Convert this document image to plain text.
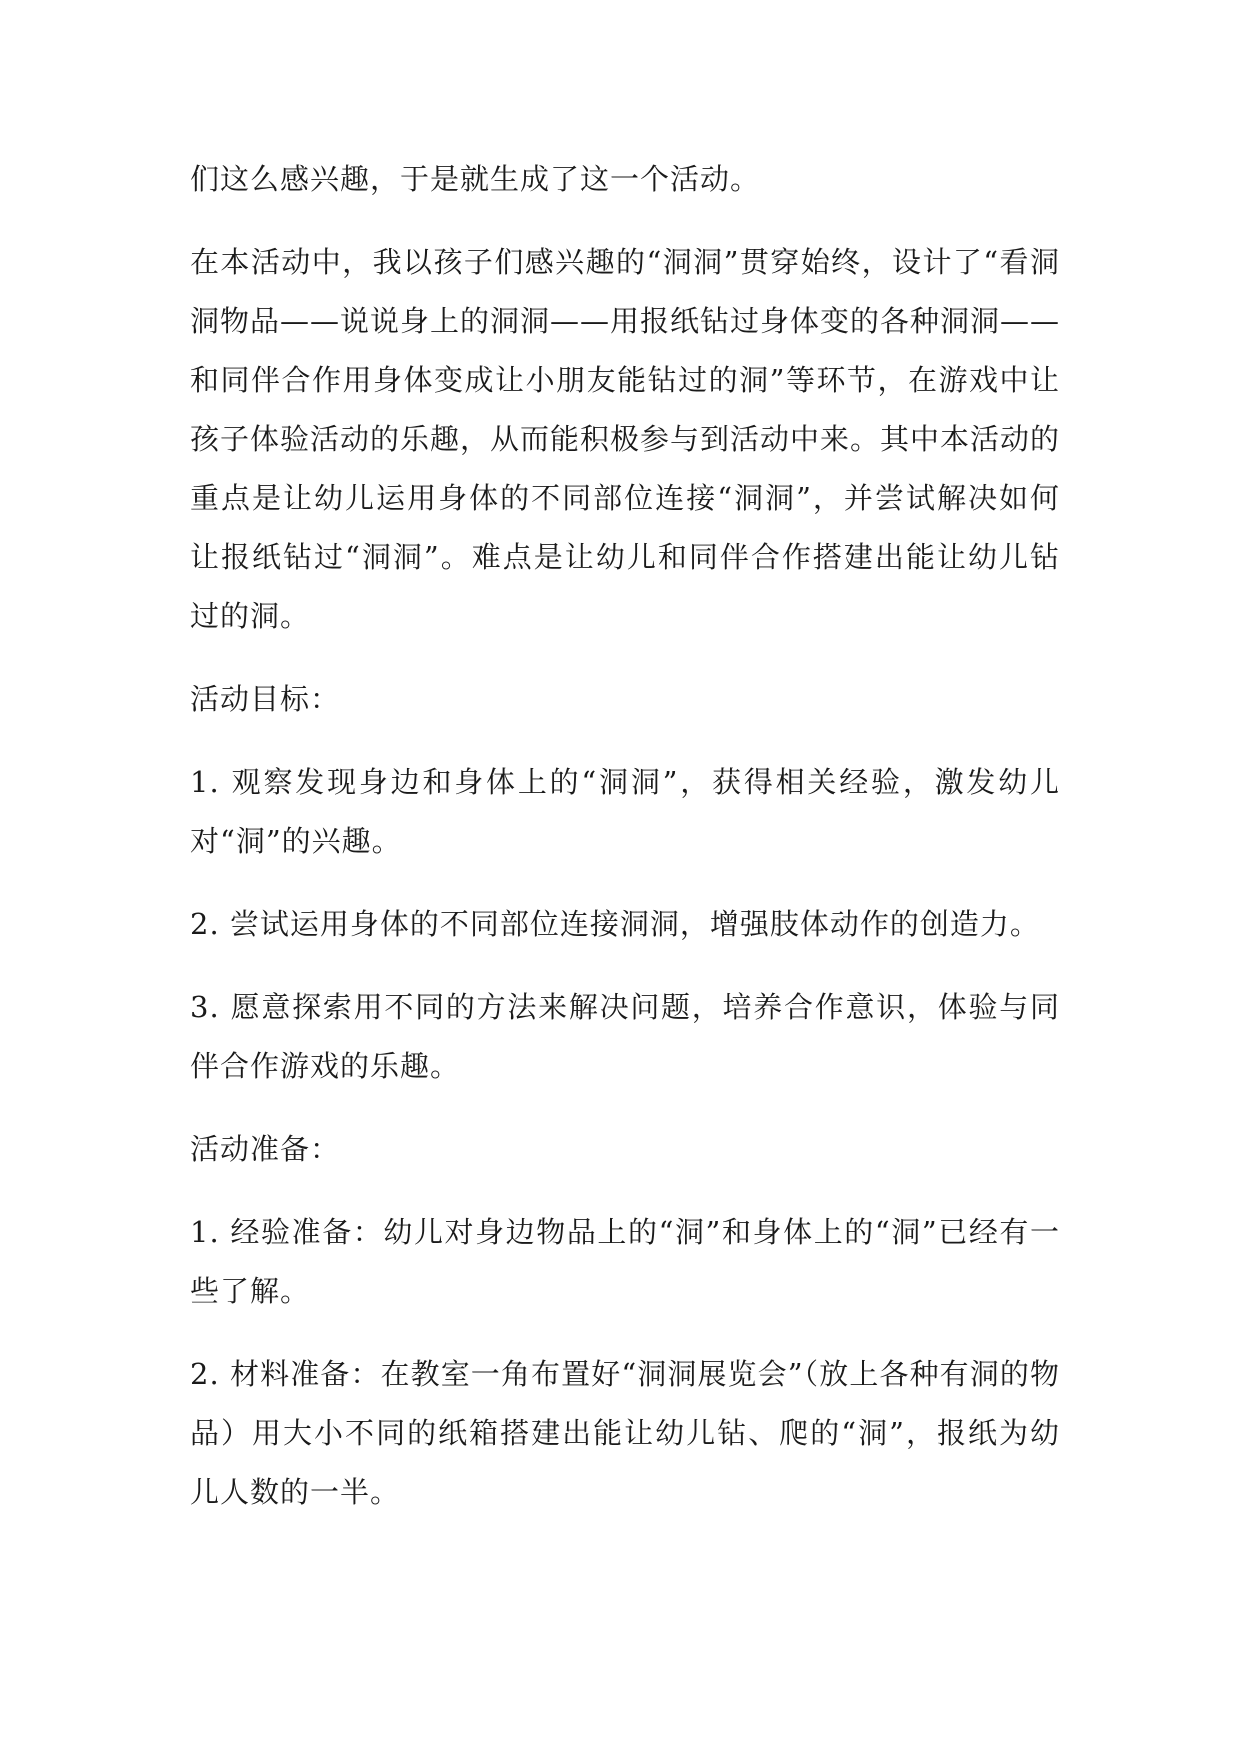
们这么感兴趣，于是就生成了这一个活动。

在本活动中，我以孩子们感兴趣的“洞洞”贯穿始终，设计了“看洞洞物品——说说身上的洞洞——用报纸钻过身体变的各种洞洞——和同伴合作用身体变成让小朋友能钻过的洞”等环节，在游戏中让孩子体验活动的乐趣，从而能积极参与到活动中来。其中本活动的重点是让幼儿运用身体的不同部位连接“洞洞”，并尝试解决如何让报纸钻过“洞洞”。难点是让幼儿和同伴合作搭建出能让幼儿钻过的洞。

活动目标：

1. 观察发现身边和身体上的“洞洞”，获得相关经验，激发幼儿对“洞”的兴趣。

2. 尝试运用身体的不同部位连接洞洞，增强肢体动作的创造力。

3. 愿意探索用不同的方法来解决问题，培养合作意识，体验与同伴合作游戏的乐趣。

活动准备：

1. 经验准备：幼儿对身边物品上的“洞”和身体上的“洞”已经有一些了解。

2. 材料准备：在教室一角布置好“洞洞展览会”（放上各种有洞的物品）用大小不同的纸箱搭建出能让幼儿钻、爬的“洞”，报纸为幼儿人数的一半。
